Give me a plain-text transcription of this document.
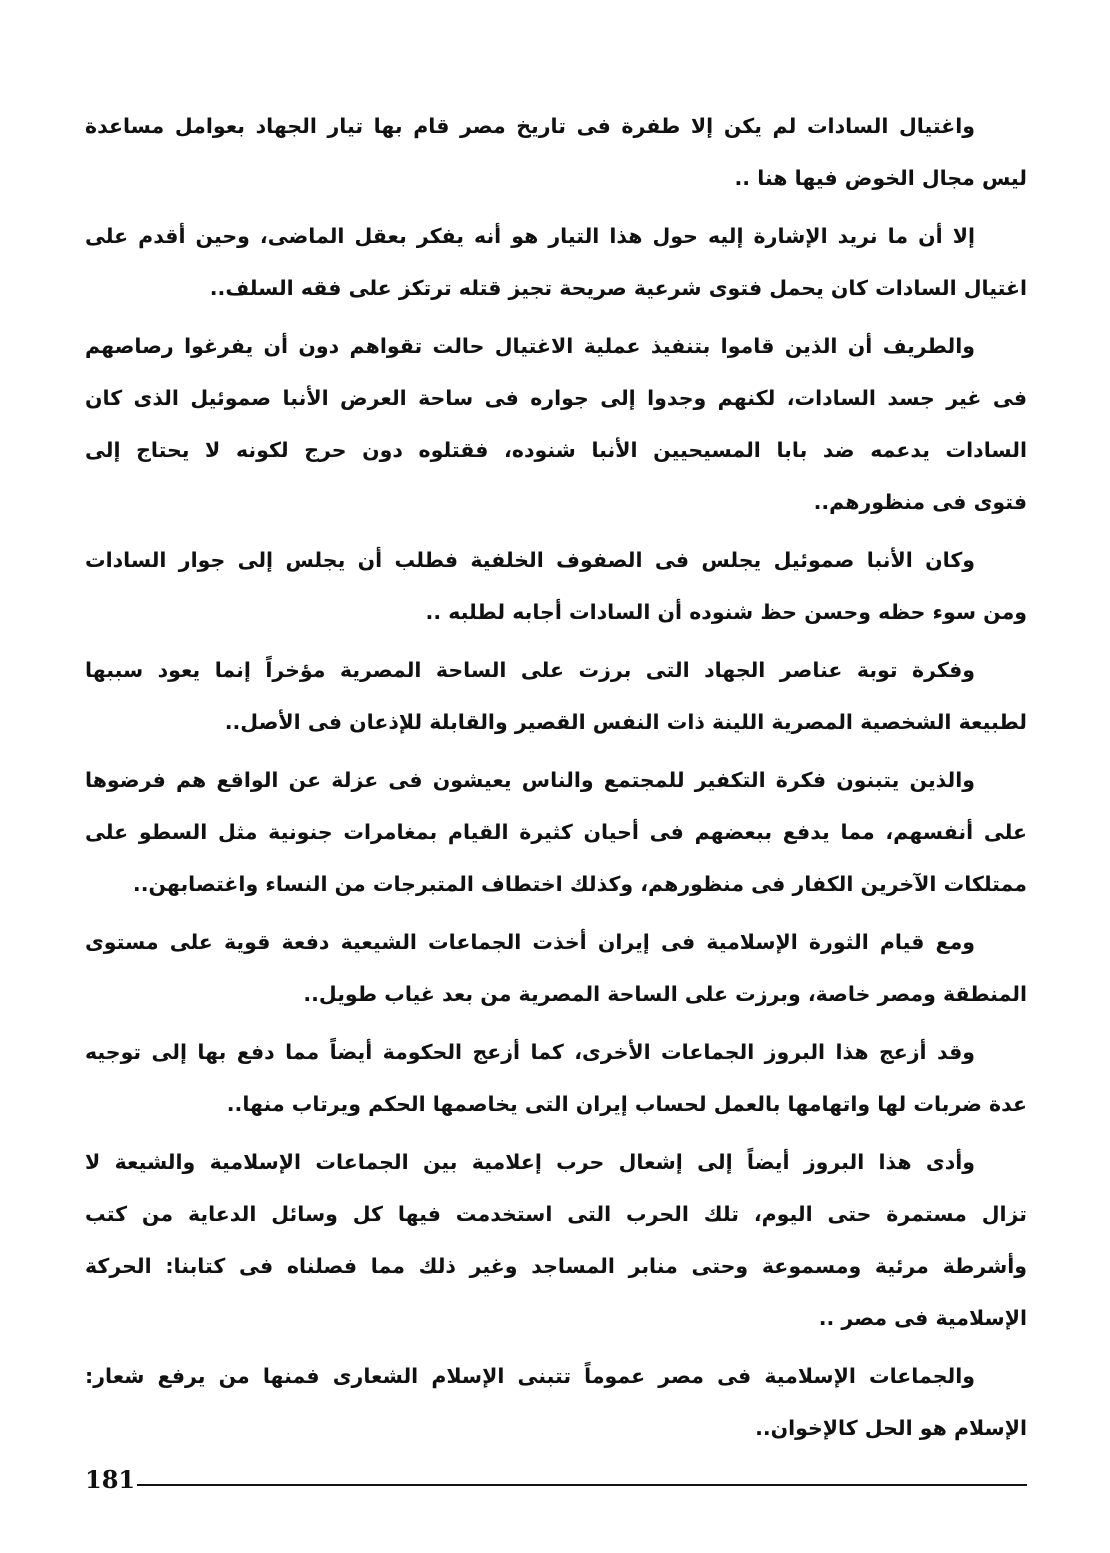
واغتيال السادات لم يكن إلا طفرة فى تاريخ مصر قام بها تيار الجهاد بعوامل مساعدة
ليس مجال الخوض فيها هنا ..
إلا أن ما نريد الإشارة إليه حول هذا التيار هو أنه يفكر بعقل الماضى، وحين أقدم على
اغتيال السادات كان يحمل فتوى شرعية صريحة تجيز قتله ترتكز على فقه السلف..
والطريف أن الذين قاموا بتنفيذ عملية الاغتيال حالت تقواهم دون أن يفرغوا رصاصهم
فى غير جسد السادات، لكنهم وجدوا إلى جواره فى ساحة العرض الأنبا صموئيل الذى كان
السادات يدعمه ضد بابا المسيحيين الأنبا شنوده، فقتلوه دون حرج لكونه لا يحتاج إلى
فتوى فى منظورهم..
وكان الأنبا صموئيل يجلس فى الصفوف الخلفية فطلب أن يجلس إلى جوار السادات
ومن سوء حظه وحسن حظ شنوده أن السادات أجابه لطلبه ..
وفكرة توبة عناصر الجهاد التى برزت على الساحة المصرية مؤخراً إنما يعود سببها
لطبيعة الشخصية المصرية اللينة ذات النفس القصير والقابلة للإذعان فى الأصل..
والذين يتبنون فكرة التكفير للمجتمع والناس يعيشون فى عزلة عن الواقع هم فرضوها
على أنفسهم، مما يدفع ببعضهم فى أحيان كثيرة القيام بمغامرات جنونية مثل السطو على
ممتلكات الآخرين الكفار فى منظورهم، وكذلك اختطاف المتبرجات من النساء واغتصابهن..
ومع قيام الثورة الإسلامية فى إيران أخذت الجماعات الشيعية دفعة قوية على مستوى
المنطقة ومصر خاصة، وبرزت على الساحة المصرية من بعد غياب طويل..
وقد أزعج هذا البروز الجماعات الأخرى، كما أزعج الحكومة أيضاً مما دفع بها إلى توجيه
عدة ضربات لها واتهامها بالعمل لحساب إيران التى يخاصمها الحكم ويرتاب منها..
وأدى هذا البروز أيضاً إلى إشعال حرب إعلامية بين الجماعات الإسلامية والشيعة لا
تزال مستمرة حتى اليوم، تلك الحرب التى استخدمت فيها كل وسائل الدعاية من كتب
وأشرطة مرئية ومسموعة وحتى منابر المساجد وغير ذلك مما فصلناه فى كتابنا: الحركة
الإسلامية فى مصر ..
والجماعات الإسلامية فى مصر عموماً تتبنى الإسلام الشعارى فمنها من يرفع شعار:
الإسلام هو الحل كالإخوان..
181
